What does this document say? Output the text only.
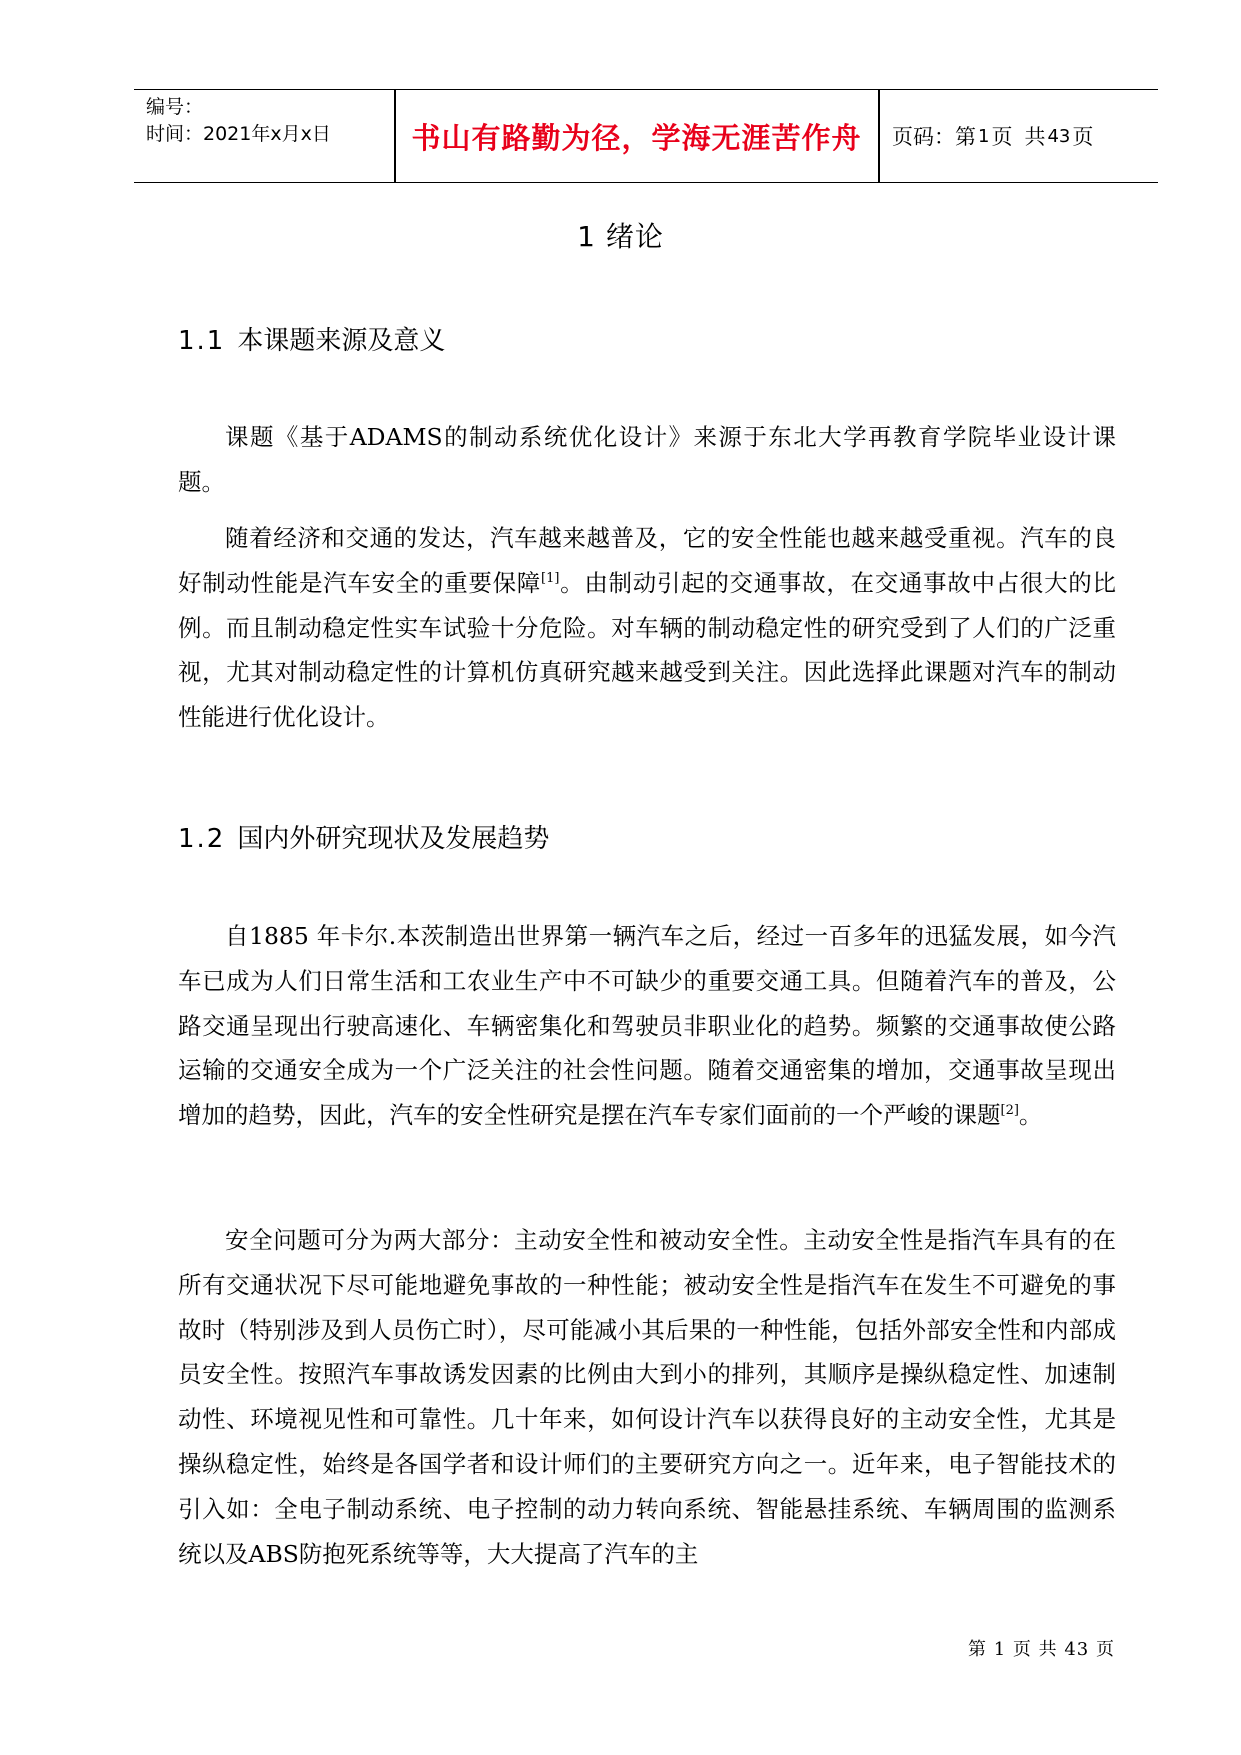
编号：
时间：2021年x月x日	书山有路勤为径，学海无涯苦作舟	页码：第 1 页 共 43 页
1 绪论
1.1 本课题来源及意义

课题《基于ADAMS的制动系统优化设计》来源于东北大学再教育学院毕业设计课题。

随着经济和交通的发达，汽车越来越普及，它的安全性能也越来越受重视。汽车的良好制动性能是汽车安全的重要保障[1]。由制动引起的交通事故，在交通事故中占很大的比例。而且制动稳定性实车试验十分危险。对车辆的制动稳定性的研究受到了人们的广泛重视，尤其对制动稳定性的计算机仿真研究越来越受到关注。因此选择此课题对汽车的制动性能进行优化设计。

1.2 国内外研究现状及发展趋势

自1885 年卡尔.本茨制造出世界第一辆汽车之后，经过一百多年的迅猛发展，如今汽车已成为人们日常生活和工农业生产中不可缺少的重要交通工具。但随着汽车的普及，公路交通呈现出行驶高速化、车辆密集化和驾驶员非职业化的趋势。频繁的交通事故使公路运输的交通安全成为一个广泛关注的社会性问题。随着交通密集的增加，交通事故呈现出增加的趋势，因此，汽车的安全性研究是摆在汽车专家们面前的一个严峻的课题[2]。

安全问题可分为两大部分：主动安全性和被动安全性。主动安全性是指汽车具有的在所有交通状况下尽可能地避免事故的一种性能；被动安全性是指汽车在发生不可避免的事故时（特别涉及到人员伤亡时），尽可能减小其后果的一种性能，包括外部安全性和内部成员安全性。按照汽车事故诱发因素的比例由大到小的排列，其顺序是操纵稳定性、加速制动性、环境视见性和可靠性。几十年来，如何设计汽车以获得良好的主动安全性，尤其是操纵稳定性，始终是各国学者和设计师们的主要研究方向之一。近年来，电子智能技术的引入如：全电子制动系统、电子控制的动力转向系统、智能悬挂系统、车辆周围的监测系统以及ABS防抱死系统等等，大大提高了汽车的主

第 1 页 共 43 页
